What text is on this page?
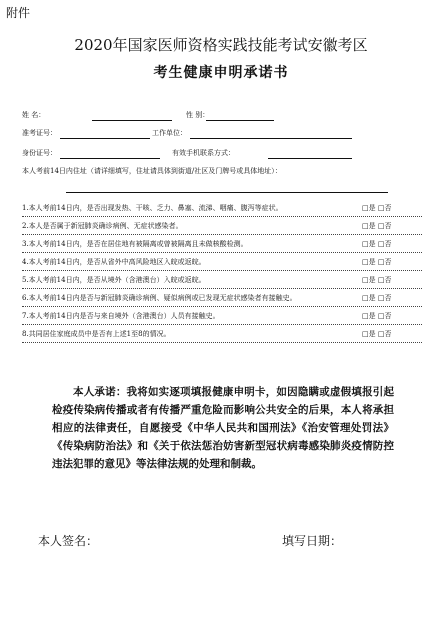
附件
2020年国家医师资格实践技能考试安徽考区
考生健康申明承诺书
姓 名：	性 别：
准考证号：	工作单位：
身份证号：	有效手机联系方式：
本人考前14日内住址（请详细填写，住址请具体到街道/社区及门牌号或具体地址）：
1.本人考前14日内，是否出现发热、干咳、乏力、鼻塞、流涕、咽痛、腹泻等症状。	□是 □否
2.本人是否属于新冠肺炎确诊病例、无症状感染者。	□是 □否
3.本人考前14日内，是否在居住地有被隔离或曾被隔离且未做核酸检测。	□是 □否
4.本人考前14日内，是否从省外中高风险地区入皖或返皖。	□是 □否
5.本人考前14日内，是否从境外（含港澳台）入皖或返皖。	□是 □否
6.本人考前14日内是否与新冠肺炎确诊病例、疑似病例或已发现无症状感染者有接触史。	□是 □否
7.本人考前14日内是否与来自境外（含港澳台）人员有接触史。	□是 □否
8.共同居住家庭成员中是否有上述1至8的情况。	□是 □否
本人承诺：我将如实逐项填报健康申明卡，如因隐瞒或虚假填报引起检疫传染病传播或者有传播严重危险而影响公共安全的后果，本人将承担相应的法律责任，自愿接受《中华人民共和国刑法》《治安管理处罚法》《传染病防治法》和《关于依法惩治妨害新型冠状病毒感染肺炎疫情防控违法犯罪的意见》等法律法规的处理和制裁。
本人签名：	填写日期：
